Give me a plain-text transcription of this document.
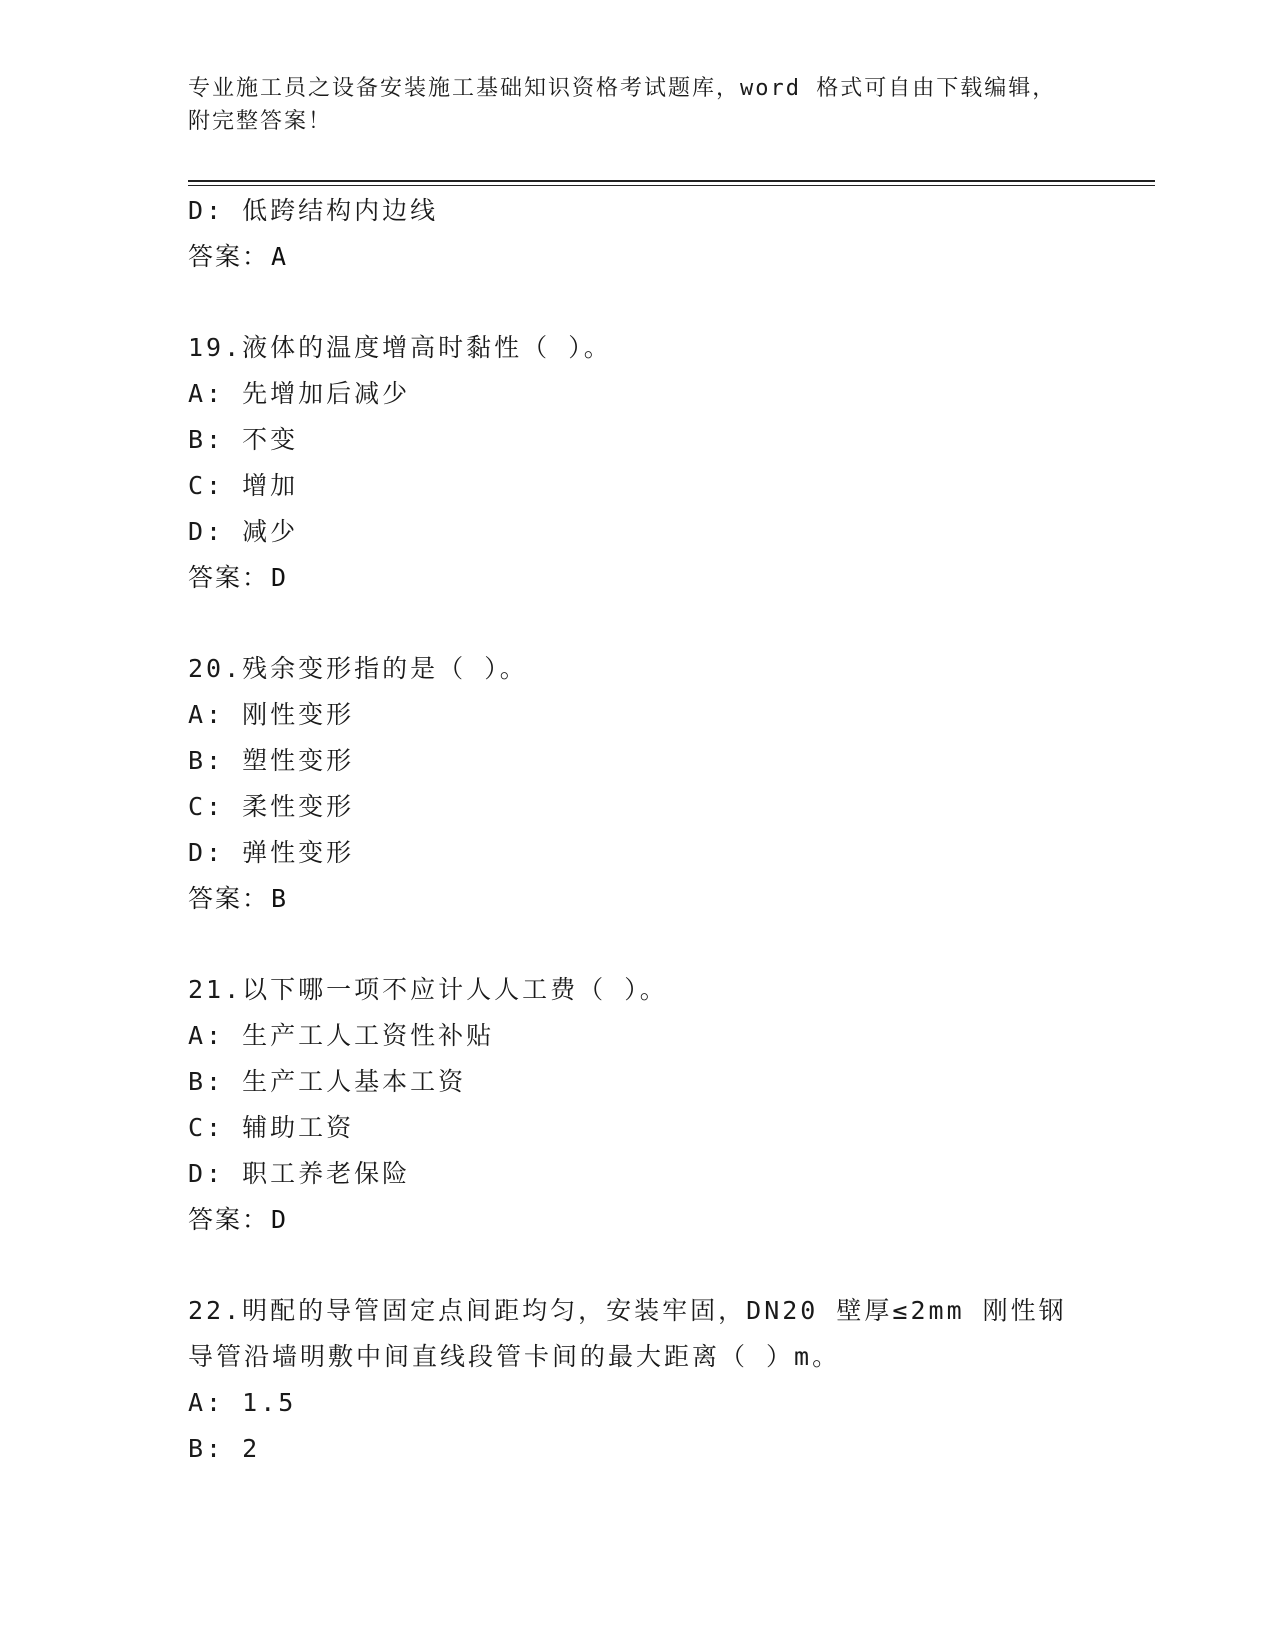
专业施工员之设备安装施工基础知识资格考试题库，word 格式可自由下载编辑，
附完整答案！
D: 低跨结构内边线
答案：A
19.液体的温度增高时黏性（ ）。
A: 先增加后减少
B: 不变
C: 增加
D: 减少
答案：D
20.残余变形指的是（ ）。
A: 刚性变形
B: 塑性变形
C: 柔性变形
D: 弹性变形
答案：B
21.以下哪一项不应计人人工费（ ）。
A: 生产工人工资性补贴
B: 生产工人基本工资
C: 辅助工资
D: 职工养老保险
答案：D
22.明配的导管固定点间距均匀，安装牢固，DN20 壁厚≤2mm 刚性钢导管沿墙明敷中间直线段管卡间的最大距离（ ）m。
A: 1.5
B: 2
